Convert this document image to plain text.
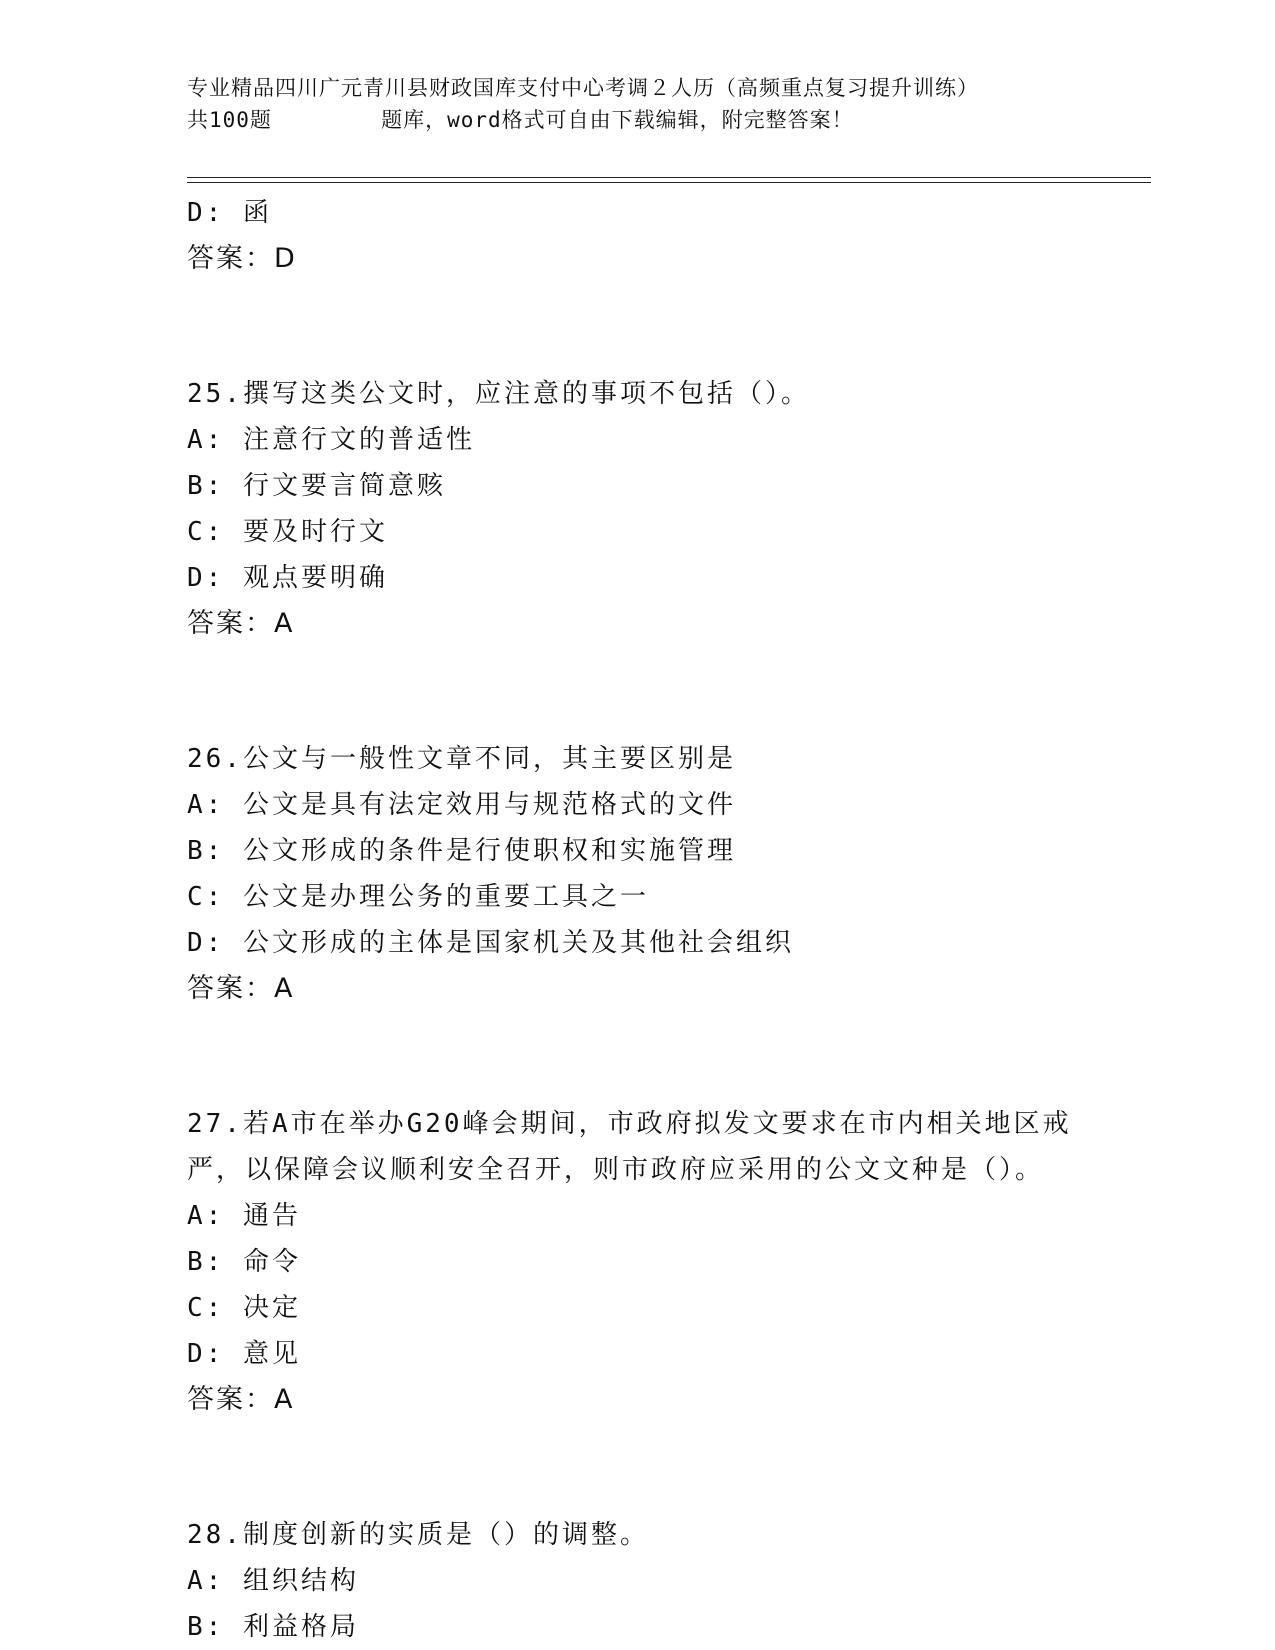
专业精品四川广元青川县财政国库支付中心考调２人历（高频重点复习提升训练）
共100题        题库，word格式可自由下载编辑，附完整答案！
D: 函
答案：D
25.撰写这类公文时，应注意的事项不包括（）。
A: 注意行文的普适性
B: 行文要言简意赅
C: 要及时行文
D: 观点要明确
答案：A
26.公文与一般性文章不同，其主要区别是
A: 公文是具有法定效用与规范格式的文件
B: 公文形成的条件是行使职权和实施管理
C: 公文是办理公务的重要工具之一
D: 公文形成的主体是国家机关及其他社会组织
答案：A
27.若A市在举办G20峰会期间，市政府拟发文要求在市内相关地区戒
严，以保障会议顺利安全召开，则市政府应采用的公文文种是（）。
A: 通告
B: 命令
C: 决定
D: 意见
答案：A
28.制度创新的实质是（）的调整。
A: 组织结构
B: 利益格局
